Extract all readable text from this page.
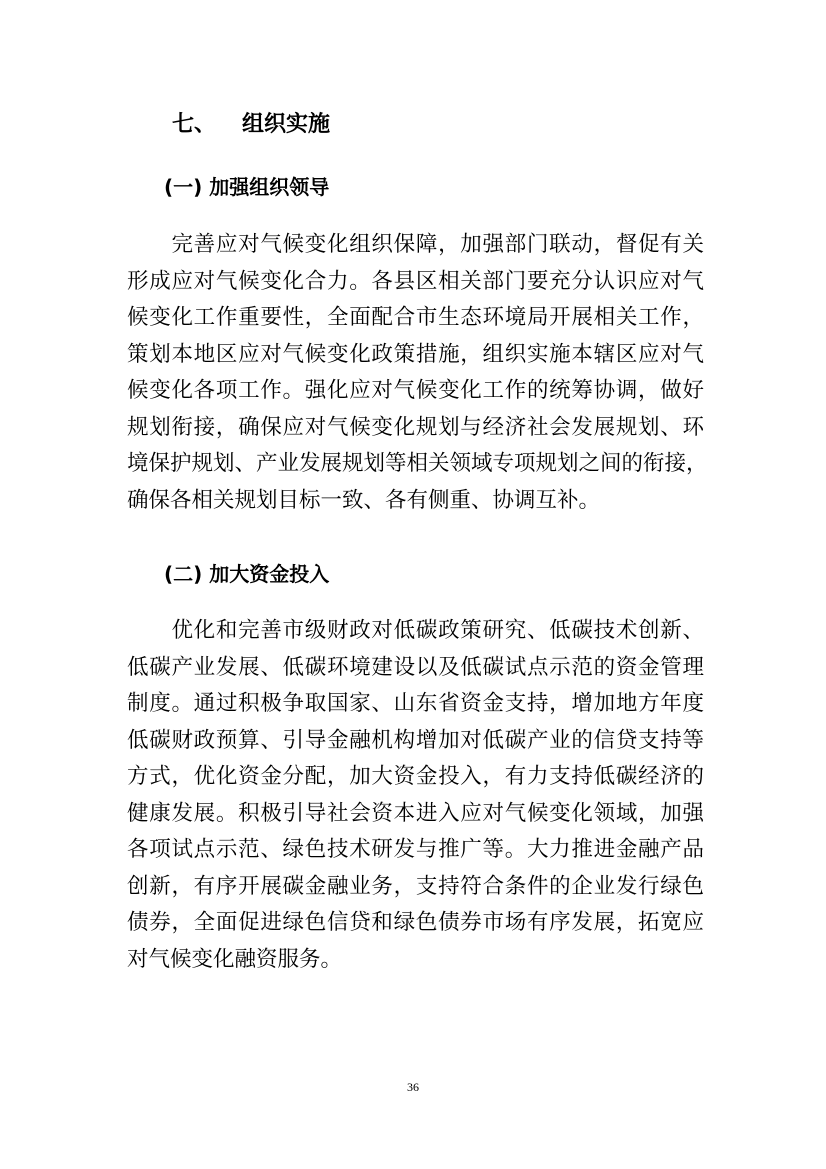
七、 组织实施
(一) 加强组织领导
　　完善应对气候变化组织保障，加强部门联动，督促有关
形成应对气候变化合力。各县区相关部门要充分认识应对气
候变化工作重要性，全面配合市生态环境局开展相关工作，
策划本地区应对气候变化政策措施，组织实施本辖区应对气
候变化各项工作。强化应对气候变化工作的统筹协调，做好
规划衔接，确保应对气候变化规划与经济社会发展规划、环
境保护规划、产业发展规划等相关领域专项规划之间的衔接，
确保各相关规划目标一致、各有侧重、协调互补。
(二) 加大资金投入
　　优化和完善市级财政对低碳政策研究、低碳技术创新、
低碳产业发展、低碳环境建设以及低碳试点示范的资金管理
制度。通过积极争取国家、山东省资金支持，增加地方年度
低碳财政预算、引导金融机构增加对低碳产业的信贷支持等
方式，优化资金分配，加大资金投入，有力支持低碳经济的
健康发展。积极引导社会资本进入应对气候变化领域，加强
各项试点示范、绿色技术研发与推广等。大力推进金融产品
创新，有序开展碳金融业务，支持符合条件的企业发行绿色
债券，全面促进绿色信贷和绿色债券市场有序发展，拓宽应
对气候变化融资服务。
36
